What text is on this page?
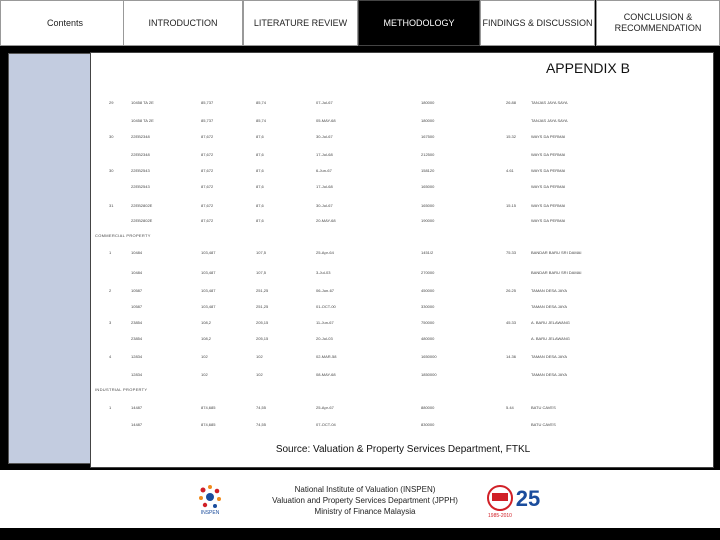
Contents	INTRODUCTION	LITERATURE REVIEW	METHODOLOGY	FINDINGS & DISCUSSION
CONCLUSION & RECOMMENDATION
Source: Valuation & Property Services Department, FTKL
29	10458 TA 2E	85,737	85,74	07-Jul-67	180000	26.88	TANJAS JAYA SAYA
10458 TA 2E	85,737	85,74	05-MAY-68	180000	TANJAS JAYA SAYA
30	22EB2348	87,672	87,6	30-Jul-67	167500	15.32	WAYS DA PERMAI
22EB2348	87,672	87,6	17-Jul-68	212500	WAYS DA PERMAI
30	22EB2543	87,672	87,6	6-Jun-67	158120	4.61	WAYS DA PERMAI
22EB2543	87,672	87,6	17-Jul-68	165000	WAYS DA PERMAI
31	22EB2802E	87,672	87,6	30-Jul-67	165000	15.15	WAYS DA PERMAI
22EB2802E	87,672	87,6	20-MAY-68	190000	WAYS DA PERMAI
COMMERCIAL PROPERTY
1	10484	103,487	107,5	25-Apr-64	1451/2	75.33	BANDAR BARU SRI DAMAI
10484	103,487	107,5	3-Jul-03	270000	BANDAR BARU SRI DAMAI
2	10587	103,487	251,25	06-Jun-67	450000	26.25	TAMAN DESA JAYA
10587	103,487	251,25	01-OCT-00	330000	TAMAN DESA JAYA
3	23854	108,2	205,15	11-Jun-67	750000	45.33	A. BARU JELAWANG
23854	108,2	205,15	20-Jul-03	480000	A. BARU JELAWANG
4	12834	102	102	02-MAR-58	1650000	14.36	TAMAN DESA JAYA
12834	102	102	08-MAY-68	1850000	TAMAN DESA JAYA
INDUSTRIAL PROPERTY
1	14487	874,685	74,55	25-Apr-67	880000	5.44	BATU CAVES
14487	874,685	74,55	07-OCT-04	830000	BATU CAVES
APPENDIX B
INSPEN
National Institute of Valuation (INSPEN)
Valuation and Property Services Department (JPPH)
Ministry of Finance Malaysia
25
1985-2010
